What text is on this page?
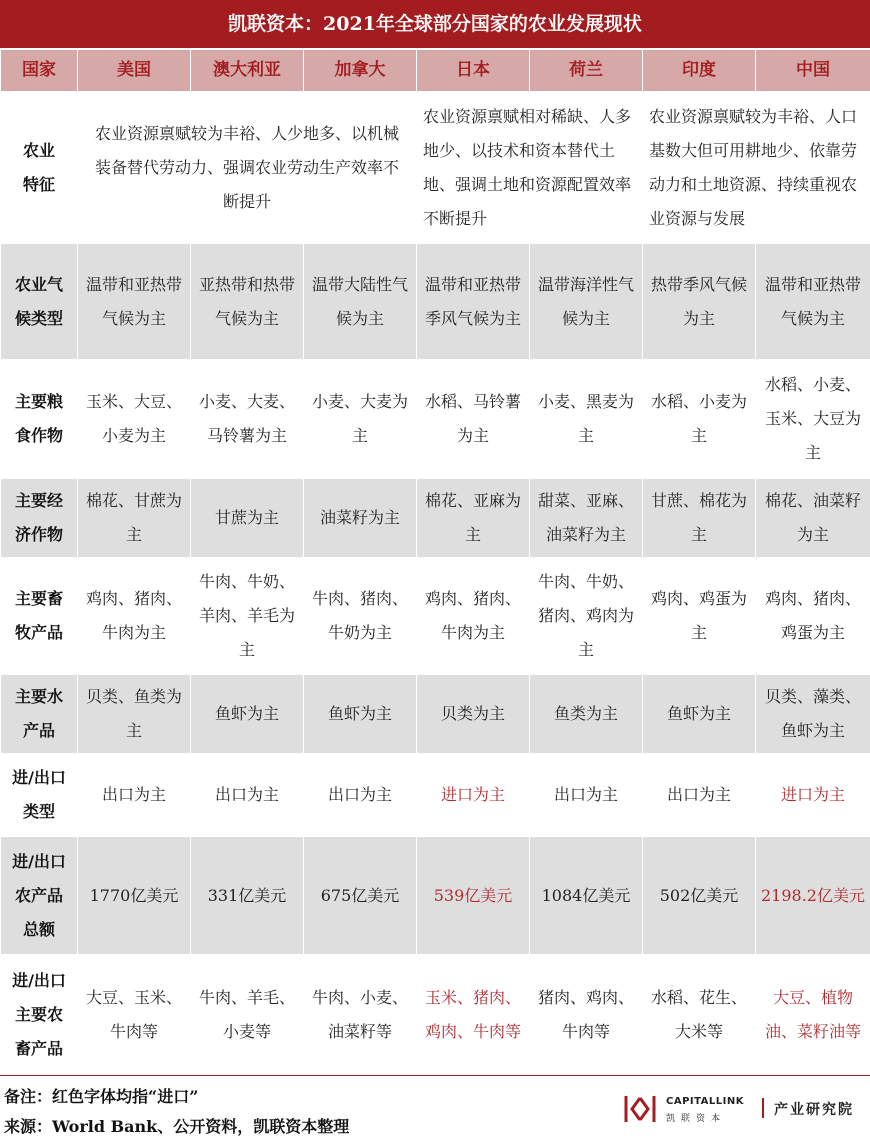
凯联资本：2021年全球部分国家的农业发展现状
国家	美国	澳大利亚	加拿大	日本	荷兰	印度	中国
农业
特征	农业资源禀赋较为丰裕、人少地多、以机械装备替代劳动力、强调农业劳动生产效率不断提升			农业资源禀赋相对稀缺、人多地少、以技术和资本替代土地、强调土地和资源配置效率不断提升		农业资源禀赋较为丰裕、人口基数大但可用耕地少、依靠劳动力和土地资源、持续重视农业资源与发展	
农业气
候类型	温带和亚热带气候为主	亚热带和热带气候为主	温带大陆性气候为主	温带和亚热带季风气候为主	温带海洋性气候为主	热带季风气候为主	温带和亚热带气候为主
主要粮
食作物	玉米、大豆、小麦为主	小麦、大麦、马铃薯为主	小麦、大麦为主	水稻、马铃薯为主	小麦、黑麦为主	水稻、小麦为主	水稻、小麦、玉米、大豆为主
主要经
济作物	棉花、甘蔗为主	甘蔗为主	油菜籽为主	棉花、亚麻为主	甜菜、亚麻、油菜籽为主	甘蔗、棉花为主	棉花、油菜籽为主
主要畜
牧产品	鸡肉、猪肉、牛肉为主	牛肉、牛奶、羊肉、羊毛为主	牛肉、猪肉、牛奶为主	鸡肉、猪肉、牛肉为主	牛肉、牛奶、猪肉、鸡肉为主	鸡肉、鸡蛋为主	鸡肉、猪肉、鸡蛋为主
主要水
产品	贝类、鱼类为主	鱼虾为主	鱼虾为主	贝类为主	鱼类为主	鱼虾为主	贝类、藻类、鱼虾为主
进/出口
类型	出口为主	出口为主	出口为主	进口为主	出口为主	出口为主	进口为主
进/出口
农产品
总额	1770亿美元	331亿美元	675亿美元	539亿美元	1084亿美元	502亿美元	2198.2亿美元
进/出口
主要农
畜产品	大豆、玉米、牛肉等	牛肉、羊毛、小麦等	牛肉、小麦、油菜籽等	玉米、猪肉、鸡肉、牛肉等	猪肉、鸡肉、牛肉等	水稻、花生、大米等	大豆、植物油、菜籽油等
备注：红色字体均指“进口”
来源：World Bank、公开资料，凯联资本整理
CAPITALLINK
凯联资本
产业研究院
